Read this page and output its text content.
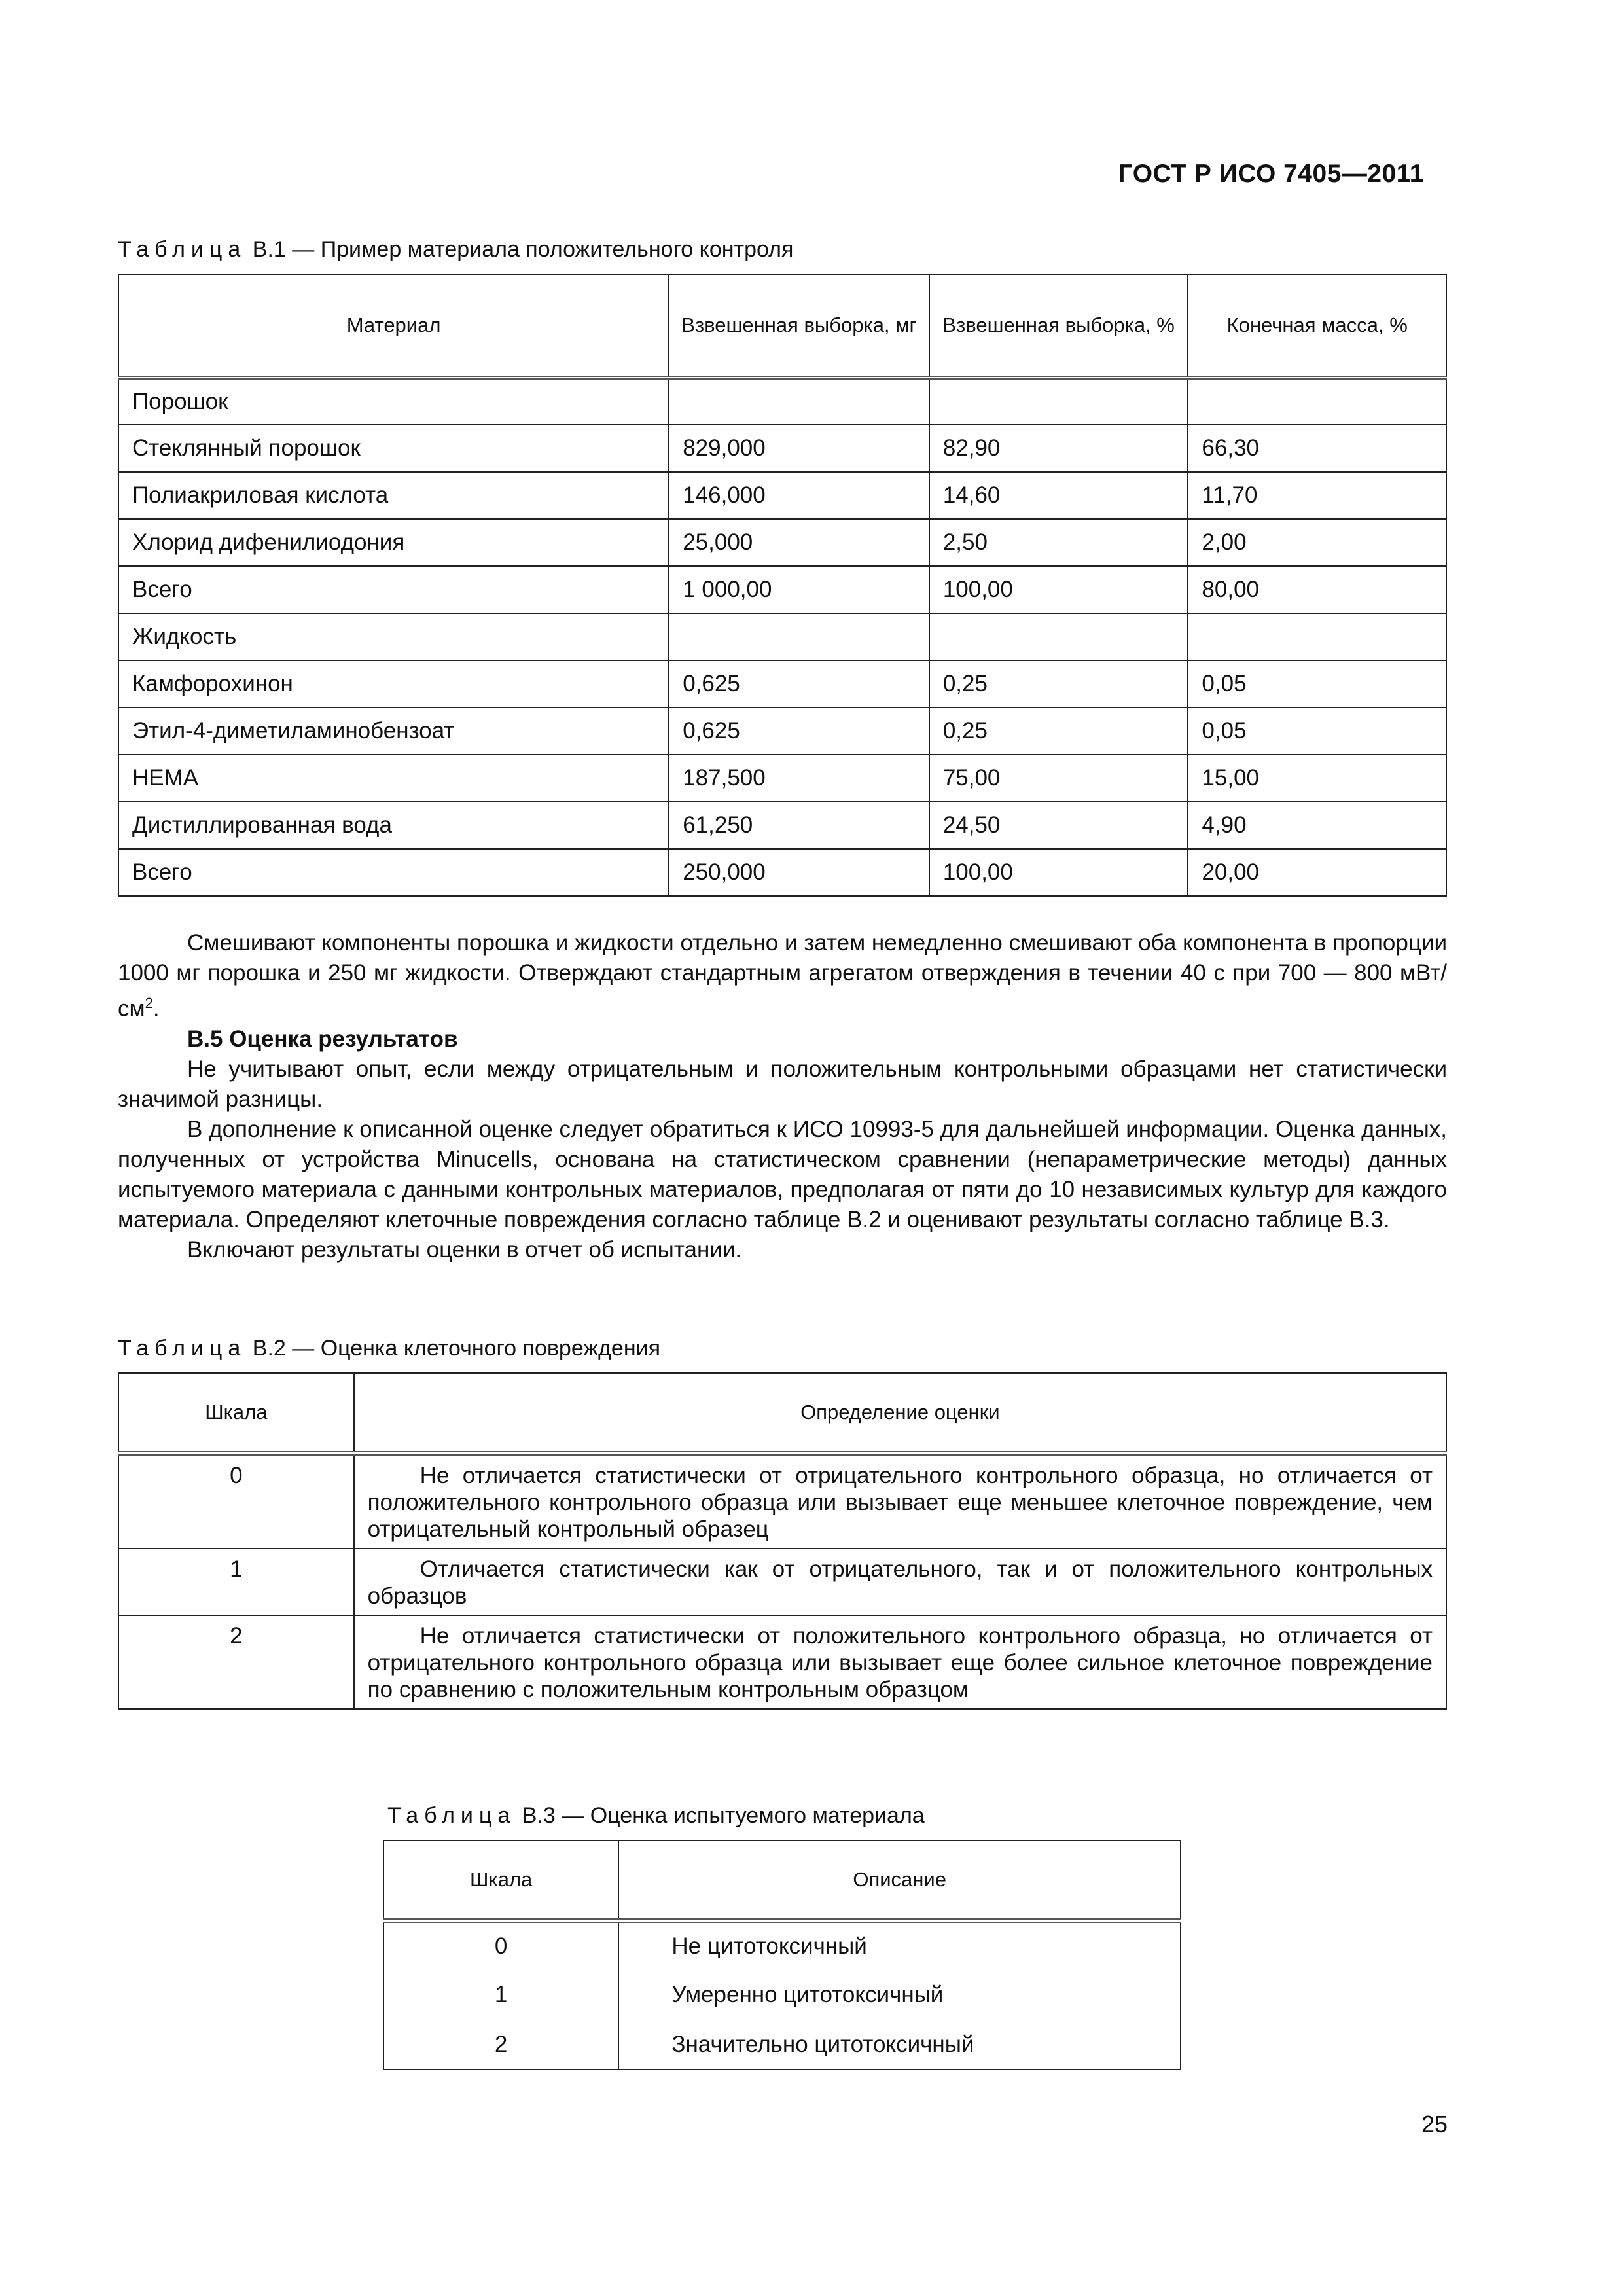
ГОСТ Р ИСО 7405—2011
Таблица B.1 — Пример материала положительного контроля
Материал	Взвешенная выборка, мг	Взвешенная выборка, %	Конечная масса, %
Порошок			
Стеклянный порошок	829,000	82,90	66,30
Полиакриловая кислота	146,000	14,60	11,70
Хлорид дифенилиодония	25,000	2,50	2,00
Всего	1 000,00	100,00	80,00
Жидкость			
Камфорохинон	0,625	0,25	0,05
Этил-4-диметиламинобензоат	0,625	0,25	0,05
HEMA	187,500	75,00	15,00
Дистиллированная вода	61,250	24,50	4,90
Всего	250,000	100,00	20,00

Смешивают компоненты порошка и жидкости отдельно и затем немедленно смешивают оба компонента в пропорции 1000 мг порошка и 250 мг жидкости. Отверждают стандартным агрегатом отверждения в течении 40 с при 700 — 800 мВт/$см^2$.

B.5 Оценка результатов

Не учитывают опыт, если между отрицательным и положительным контрольными образцами нет статистически значимой разницы.

В дополнение к описанной оценке следует обратиться к ИСО 10993-5 для дальнейшей информации. Оценка данных, полученных от устройства Minucells, основана на статистическом сравнении (непараметрические методы) данных испытуемого материала с данными контрольных материалов, предполагая от пяти до 10 независимых культур для каждого материала. Определяют клеточные повреждения согласно таблице B.2 и оценивают результаты согласно таблице B.3.

Включают результаты оценки в отчет об испытании.

Таблица B.2 — Оценка клеточного повреждения
Шкала	Определение оценки
0	Не отличается статистически от отрицательного контрольного образца, но отличается от положительного контрольного образца или вызывает еще меньшее клеточное повреждение, чем отрицательный контрольный образец

1	Отличается статистически как от отрицательного, так и от положительного контрольных образцов

2	Не отличается статистически от положительного контрольного образца, но отличается от отрицательного контрольного образца или вызывает еще более сильное клеточное повреждение по сравнению с положительным контрольным образцом
Таблица B.3 — Оценка испытуемого материала
Шкала	Описание
0	Не цитотоксичный
1	Умеренно цитотоксичный
2	Значительно цитотоксичный
25
